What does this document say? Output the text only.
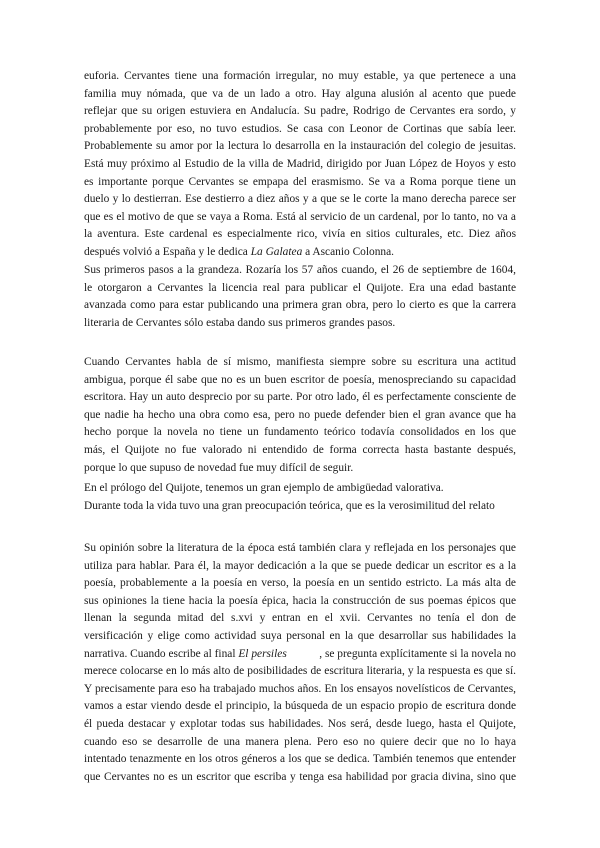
euforia. Cervantes tiene una formación irregular, no muy estable, ya que pertenece a una
familia muy nómada, que va de un lado a otro. Hay alguna alusión al acento que puede
reflejar que su origen estuviera en Andalucía. Su padre, Rodrigo de Cervantes era sordo, y
probablemente por eso, no tuvo estudios. Se casa con Leonor de Cortinas que sabía leer.
Probablemente su amor por la lectura lo desarrolla en la instauración del colegio de jesuitas.
Está muy próximo al Estudio de la villa de Madrid, dirigido por Juan López de Hoyos y esto
es importante porque Cervantes se empapa del erasmismo. Se va a Roma porque tiene un
duelo y lo destierran. Ese destierro a diez años y a que se le corte la mano derecha parece ser
que es el motivo de que se vaya a Roma. Está al servicio de un cardenal, por lo tanto, no va a
la aventura. Este cardenal es especialmente rico, vivía en sitios culturales, etc. Diez años
después volvió a España y le dedica La Galatea a Ascanio Colonna.
Sus primeros pasos a la grandeza. Rozaría los 57 años cuando, el 26 de septiembre de 1604,
le otorgaron a Cervantes la licencia real para publicar el Quijote. Era una edad bastante
avanzada como para estar publicando una primera gran obra, pero lo cierto es que la carrera
literaria de Cervantes sólo estaba dando sus primeros grandes pasos.
Cuando Cervantes habla de sí mismo, manifiesta siempre sobre su escritura una actitud
ambigua, porque él sabe que no es un buen escritor de poesía, menospreciando su capacidad
escritora. Hay un auto desprecio por su parte. Por otro lado, él es perfectamente consciente de
que nadie ha hecho una obra como esa, pero no puede defender bien el gran avance que ha
hecho porque la novela no tiene un fundamento teórico todavía consolidados en los que
más, el Quijote no fue valorado ni entendido de forma correcta hasta bastante después,
porque lo que supuso de novedad fue muy difícil de seguir.
En el prólogo del Quijote, tenemos un gran ejemplo de ambigüedad valorativa.
Durante toda la vida tuvo una gran preocupación teórica, que es la verosimilitud del relato
Su opinión sobre la literatura de la época está también clara y reflejada en los personajes que
utiliza para hablar. Para él, la mayor dedicación a la que se puede dedicar un escritor es a la
poesía, probablemente a la poesía en verso, la poesía en un sentido estricto. La más alta de
sus opiniones la tiene hacia la poesía épica, hacia la construcción de sus poemas épicos que
llenan la segunda mitad del s.xvi y entran en el xvii. Cervantes no tenía el don de
versificación y elige como actividad suya personal en la que desarrollar sus habilidades la
narrativa. Cuando escribe al final El persiles	, se pregunta explícitamente si la novela no
merece colocarse en lo más alto de posibilidades de escritura literaria, y la respuesta es que sí.
Y precisamente para eso ha trabajado muchos años. En los ensayos novelísticos de Cervantes,
vamos a estar viendo desde el principio, la búsqueda de un espacio propio de escritura donde
él pueda destacar y explotar todas sus habilidades. Nos será, desde luego, hasta el Quijote,
cuando eso se desarrolle de una manera plena. Pero eso no quiere decir que no lo haya
intentado tenazmente en los otros géneros a los que se dedica. También tenemos que entender
que Cervantes no es un escritor que escriba y tenga esa habilidad por gracia divina, sino que
